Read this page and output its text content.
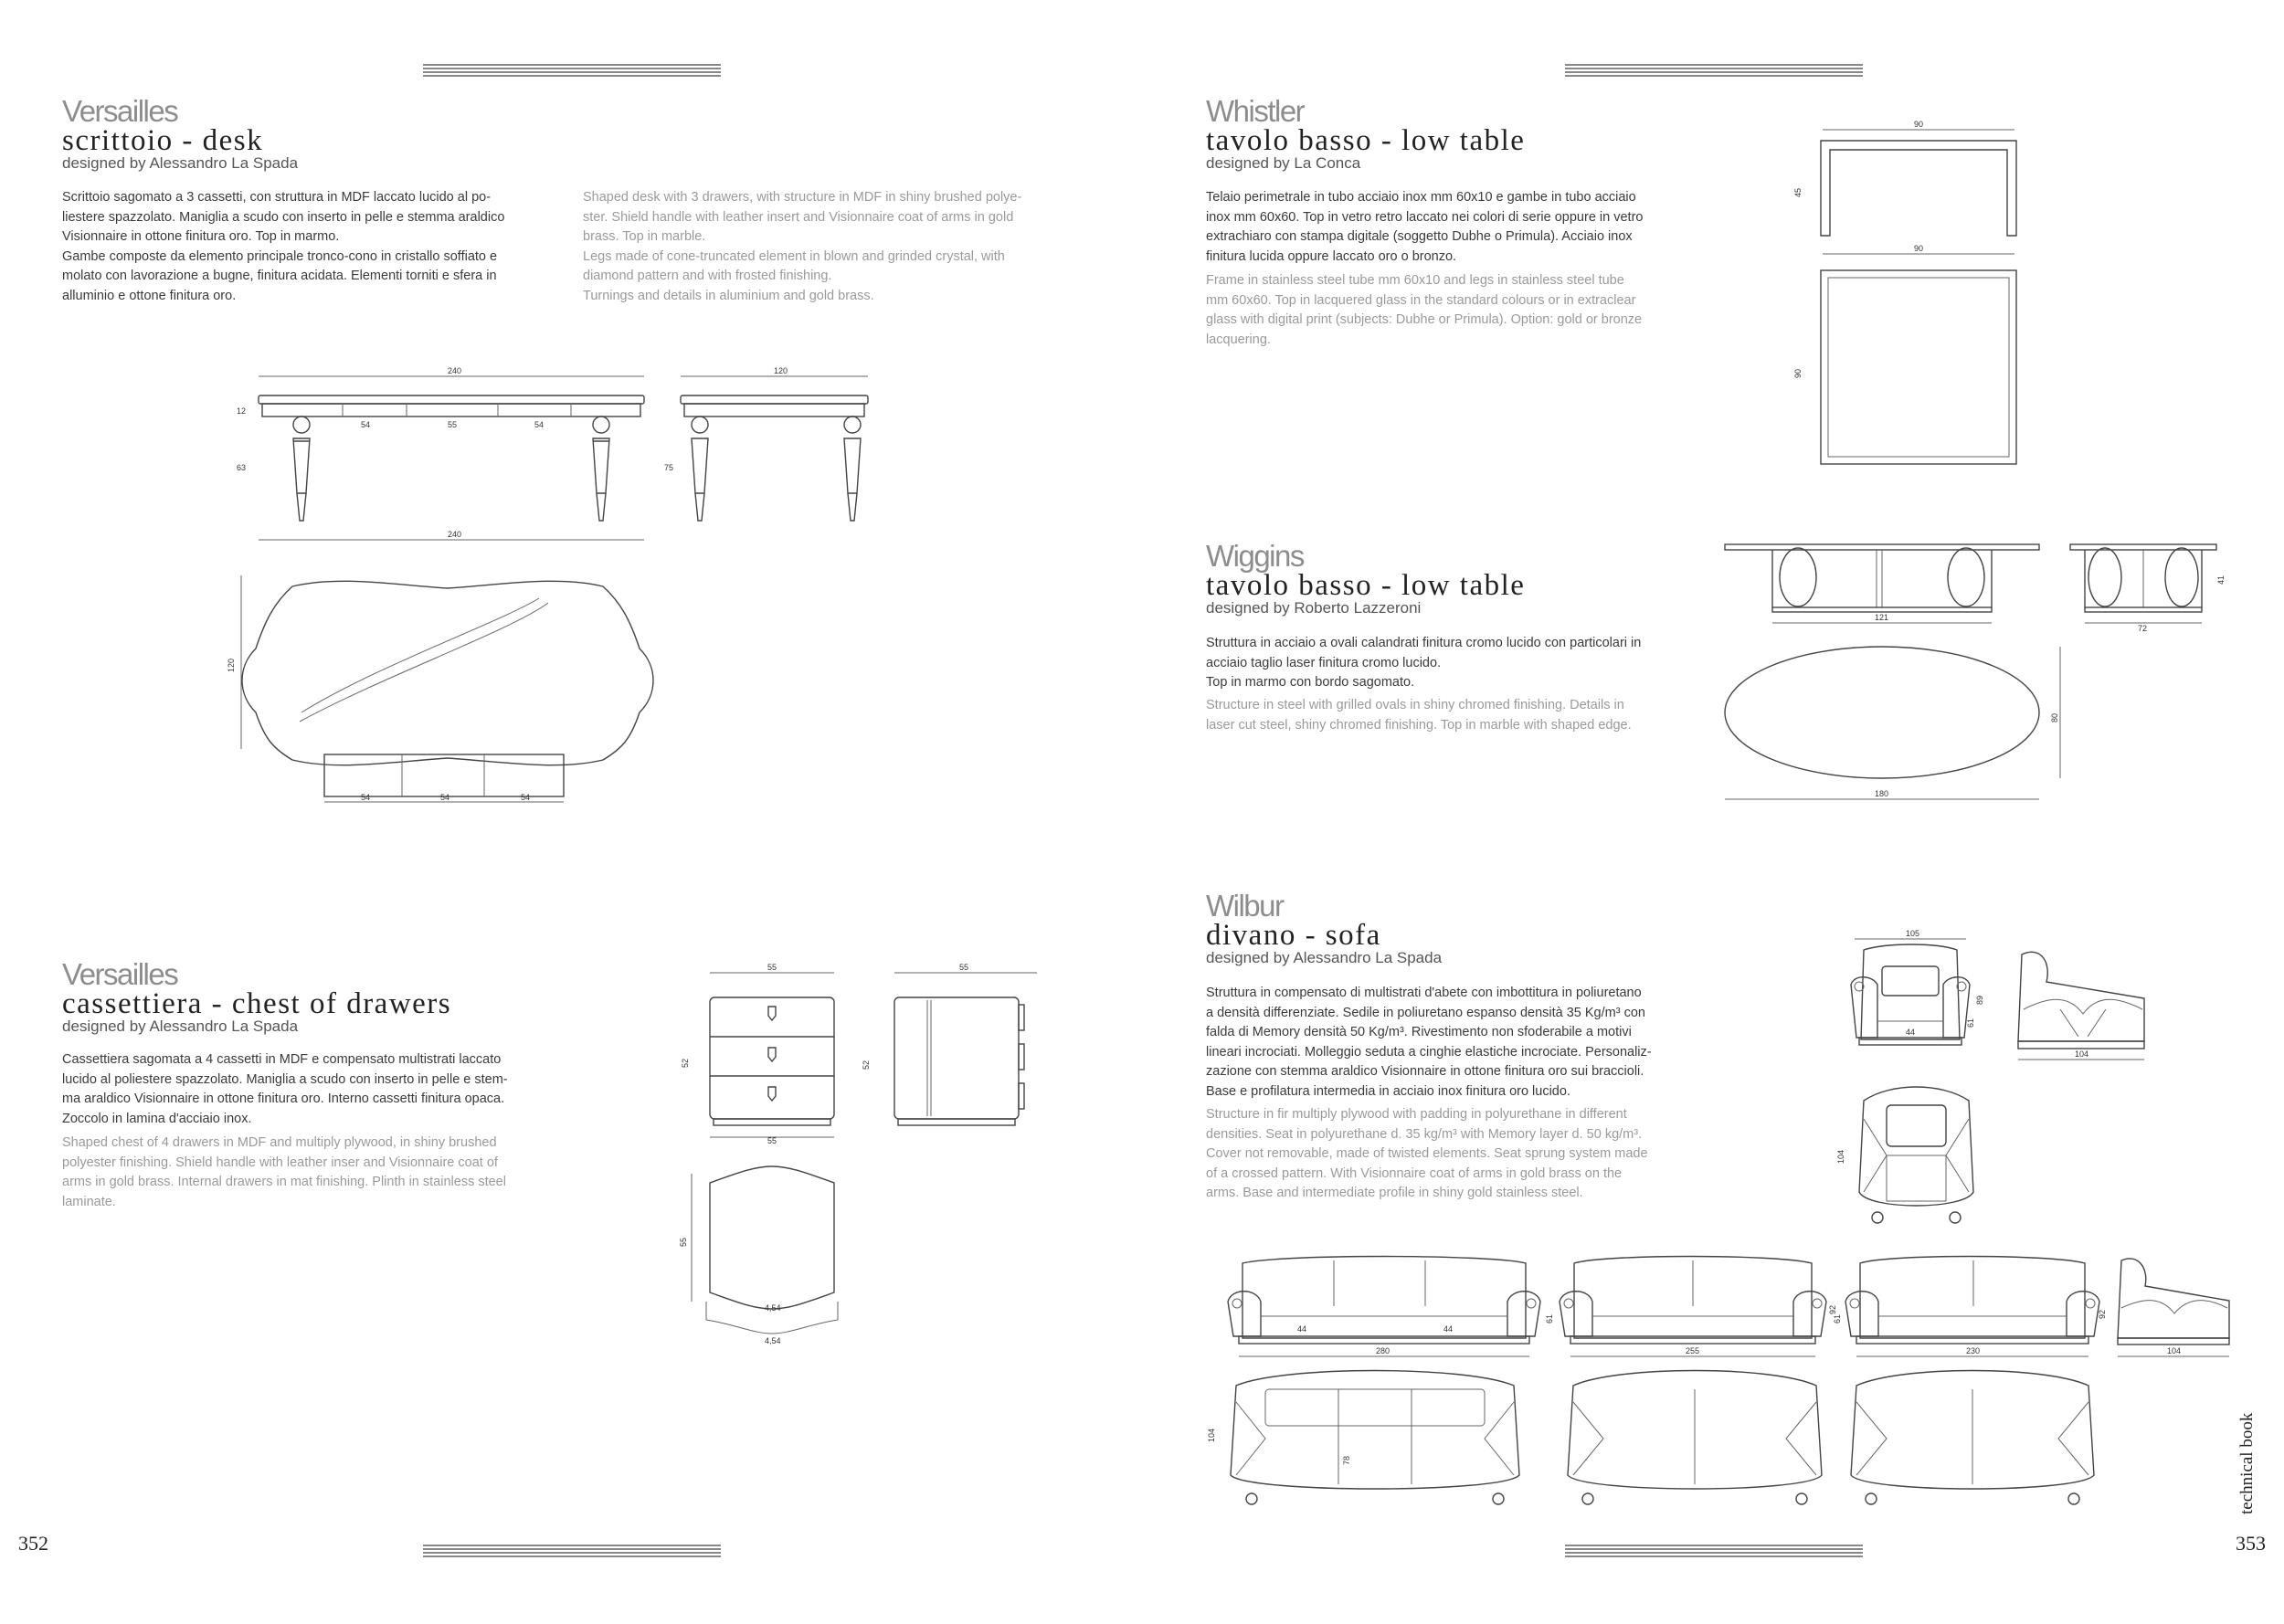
352	353
technical book
Versailles
scrittoio - desk
designed by Alessandro La Spada
Scrittoio sagomato a 3 cassetti, con struttura in MDF laccato lucido al po-
liestere spazzolato. Maniglia a scudo con inserto in pelle e stemma araldico
Visionnaire in ottone finitura oro. Top in marmo.
Gambe composte da elemento principale tronco-cono in cristallo soffiato e
molato con lavorazione a bugne, finitura acidata. Elementi torniti e sfera in
alluminio e ottone finitura oro.
Shaped desk with 3 drawers, with structure in MDF in shiny brushed polye-
ster. Shield handle with leather insert and Visionnaire coat of arms in gold
brass. Top in marble.
Legs made of cone-truncated element in blown and grinded crystal, with
diamond pattern and with frosted finishing.
Turnings and details in aluminium and gold brass.
240
54	55	54
12
63
240
120
75
120
54	54	54
Versailles
cassettiera - chest of drawers
designed by Alessandro La Spada
Cassettiera sagomata a 4 cassetti in MDF e compensato multistrati laccato
lucido al poliestere spazzolato. Maniglia a scudo con inserto in pelle e stem-
ma araldico Visionnaire in ottone finitura oro. Interno cassetti finitura opaca.
Zoccolo in lamina d'acciaio inox.
Shaped chest of 4 drawers in MDF and multiply plywood, in shiny brushed
polyester finishing. Shield handle with leather inser and Visionnaire coat of
arms in gold brass. Internal drawers in mat finishing. Plinth in stainless steel
laminate.
55
52
55
55
52
55
4,54
4,54
Whistler
tavolo basso - low table
designed by La Conca
Telaio perimetrale in tubo acciaio inox mm 60x10 e gambe in tubo acciaio
inox mm 60x60. Top in vetro retro laccato nei colori di serie oppure in vetro
extrachiaro con stampa digitale (soggetto Dubhe o Primula). Acciaio inox
finitura lucida oppure laccato oro o bronzo.
Frame in stainless steel tube mm 60x10 and legs in stainless steel tube
mm 60x60. Top in lacquered glass in the standard colours or in extraclear
glass with digital print (subjects: Dubhe or Primula). Option: gold or bronze
lacquering.
90
45
90
90
Wiggins
tavolo basso - low table
designed by Roberto Lazzeroni
Struttura in acciaio a ovali calandrati finitura cromo lucido con particolari in
acciaio taglio laser finitura cromo lucido.
Top in marmo con bordo sagomato.
Structure in steel with grilled ovals in shiny chromed finishing. Details in
laser cut steel, shiny chromed finishing. Top in marble with shaped edge.
121
72
41
80
180
Wilbur
divano - sofa
designed by Alessandro La Spada
Struttura in compensato di multistrati d'abete con imbottitura in poliuretano
a densità differenziate. Sedile in poliuretano espanso densità 35 Kg/m³ con
falda di Memory densità 50 Kg/m³. Rivestimento non sfoderabile a motivi
lineari incrociati. Molleggio seduta a cinghie elastiche incrociate. Personaliz-
zazione con stemma araldico Visionnaire in ottone finitura oro sui braccioli.
Base e profilatura intermedia in acciaio inox finitura oro lucido.
Structure in fir multiply plywood with padding in polyurethane in different
densities. Seat in polyurethane d. 35 kg/m³ with Memory layer d. 50 kg/m³.
Cover not removable, made of twisted elements. Seat sprung system made
of a crossed pattern. With Visionnaire coat of arms in gold brass on the
arms. Base and intermediate profile in shiny gold stainless steel.
105
44
89
61
104
104
280
44	44
61
92
255
61
230
92
104
104
78
